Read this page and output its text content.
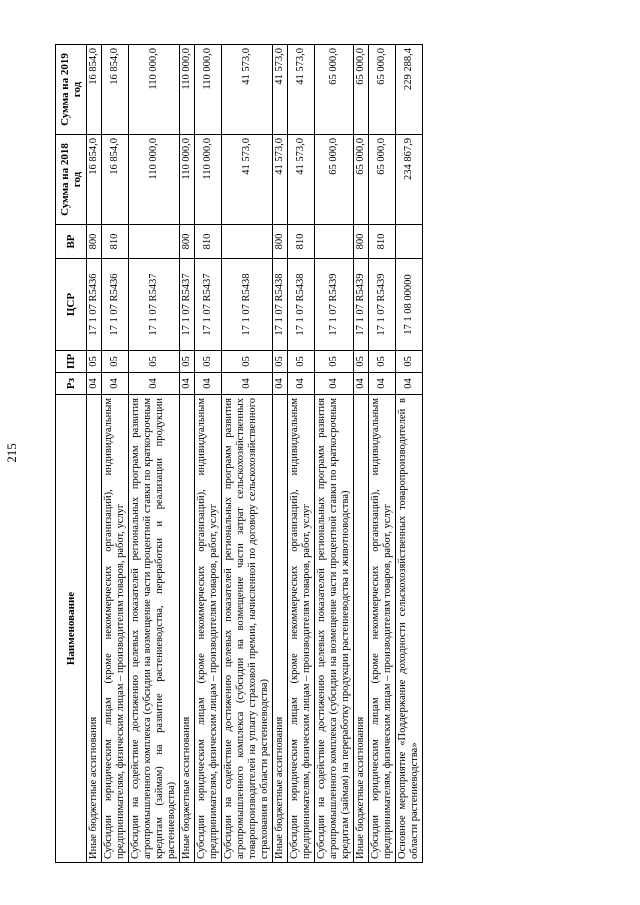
215
Наименование	Рз	ПР	ЦСР	ВР	Сумма на 2018 год	Сумма на 2019 год
Иные бюджетные ассигнования	04	05	17 1 07 R5436	800	16 854,0	16 854,0
Субсидии юридическим лицам (кроме некоммерческих организаций), индивидуальным предпринимателям, физическим лицам – производителям товаров, работ, услуг	04	05	17 1 07 R5436	810	16 854,0	16 854,0
Субсидии на содействие достижению целевых показателей региональных программ развития агропромышленного комплекса (субсидии на возмещение части процентной ставки по краткосрочным кредитам (займам) на развитие растениеводства, переработки и реализации продукции растениеводства)	04	05	17 1 07 R5437		110 000,0	110 000,0
Иные бюджетные ассигнования	04	05	17 1 07 R5437	800	110 000,0	110 000,0
Субсидии юридическим лицам (кроме некоммерческих организаций), индивидуальным предпринимателям, физическим лицам – производителям товаров, работ, услуг	04	05	17 1 07 R5437	810	110 000,0	110 000,0
Субсидии на содействие достижению целевых показателей региональных программ развития агропромышленного комплекса (субсидии на возмещение части затрат сельскохозяйственных товаропроизводителей на уплату страховой премии, начисленной по договору сельскохозяйственного страхования в области растениеводства)	04	05	17 1 07 R5438		41 573,0	41 573,0
Иные бюджетные ассигнования	04	05	17 1 07 R5438	800	41 573,0	41 573,0
Субсидии юридическим лицам (кроме некоммерческих организаций), индивидуальным предпринимателям, физическим лицам – производителям товаров, работ, услуг	04	05	17 1 07 R5438	810	41 573,0	41 573,0
Субсидии на содействие достижению целевых показателей региональных программ развития агропромышленного комплекса (субсидии на возмещение части процентной ставки по краткосрочным кредитам (займам) на переработку продукции растениеводства и животноводства)	04	05	17 1 07 R5439		65 000,0	65 000,0
Иные бюджетные ассигнования	04	05	17 1 07 R5439	800	65 000,0	65 000,0
Субсидии юридическим лицам (кроме некоммерческих организаций), индивидуальным предпринимателям, физическим лицам – производителям товаров, работ, услуг	04	05	17 1 07 R5439	810	65 000,0	65 000,0
Основное мероприятие «Поддержание доходности сельскохозяйственных товаропроизводителей в области растениеводства»	04	05	17 1 08 00000		234 867,9	229 288,4
